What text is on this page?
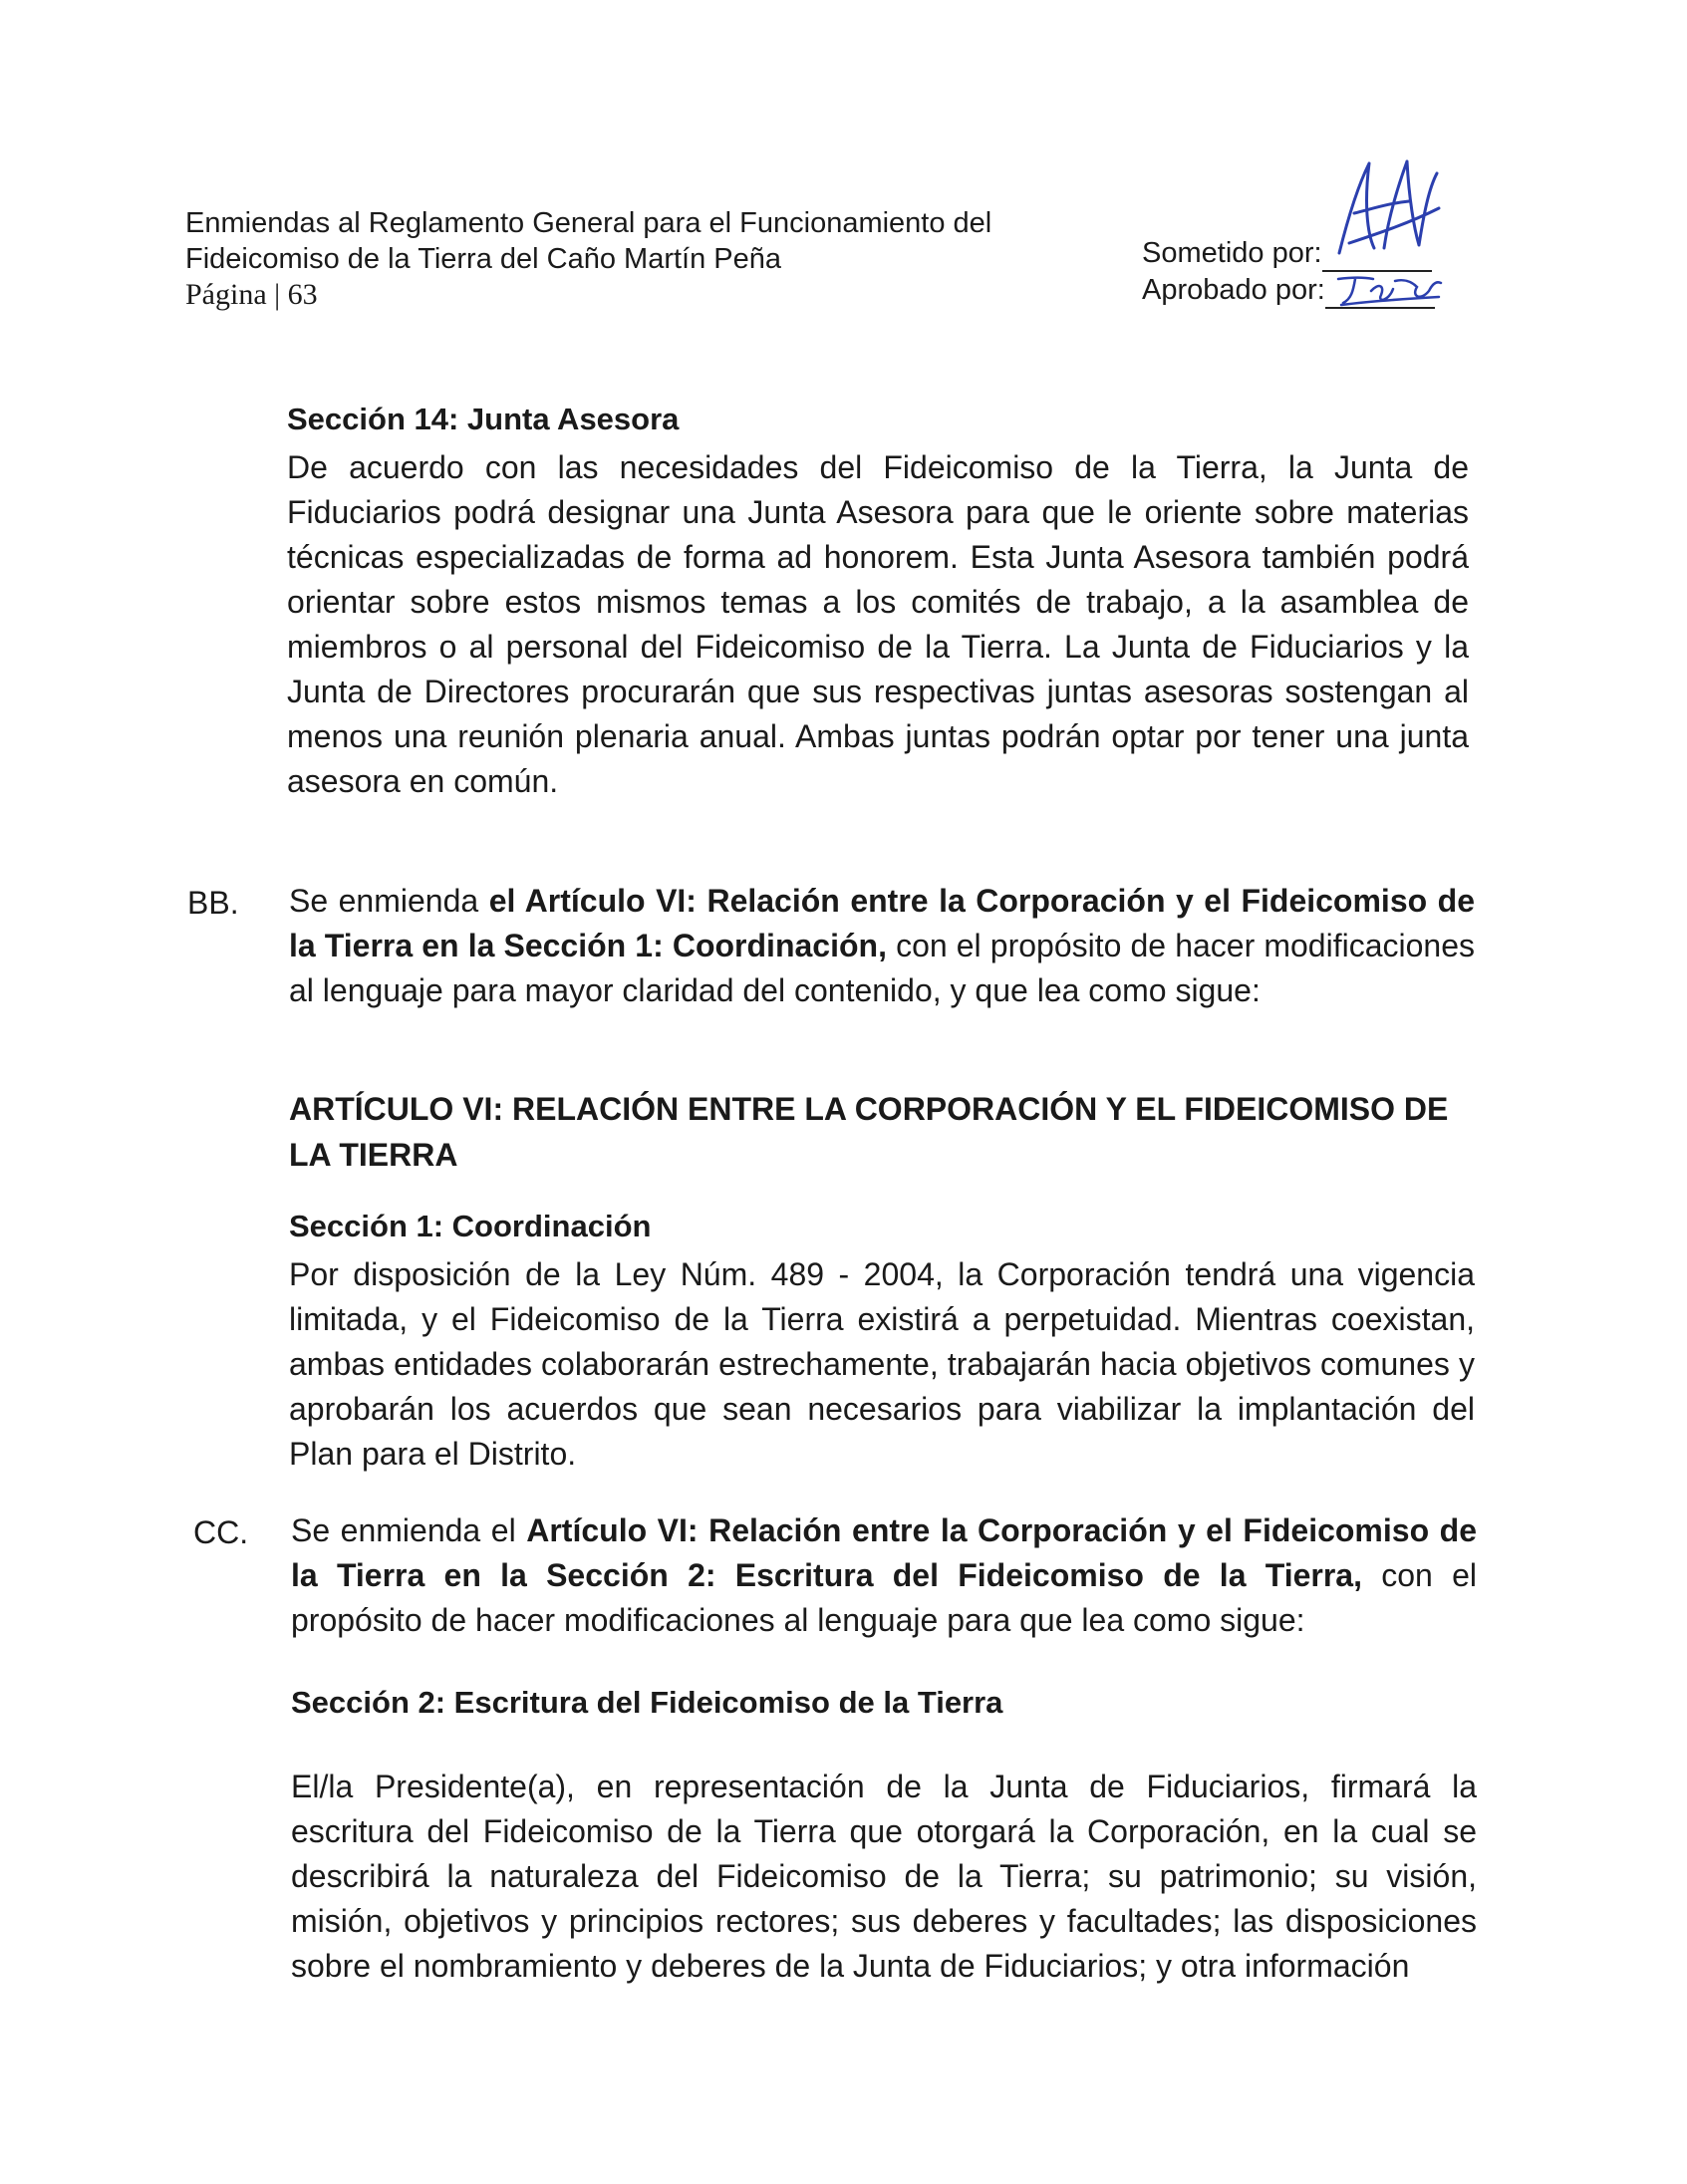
Enmiendas al Reglamento General para el Funcionamiento del
Fideicomiso de la Tierra del Caño Martín Peña
Página | 63
Sometido por:
Aprobado por:

Sección 14: Junta Asesora

De acuerdo con las necesidades del Fideicomiso de la Tierra, la Junta de Fiduciarios podrá designar una Junta Asesora para que le oriente sobre materias técnicas especializadas de forma ad honorem. Esta Junta Asesora también podrá orientar sobre estos mismos temas a los comités de trabajo, a la asamblea de miembros o al personal del Fideicomiso de la Tierra. La Junta de Fiduciarios y la Junta de Directores procurarán que sus respectivas juntas asesoras sostengan al menos una reunión plenaria anual. Ambas juntas podrán optar por tener una junta asesora en común.

BB. Se enmienda el Artículo VI: Relación entre la Corporación y el Fideicomiso de la Tierra en la Sección 1: Coordinación, con el propósito de hacer modificaciones al lenguaje para mayor claridad del contenido, y que lea como sigue:

ARTÍCULO VI: RELACIÓN ENTRE LA CORPORACIÓN Y EL FIDEICOMISO DE LA TIERRA

Sección 1: Coordinación

Por disposición de la Ley Núm. 489 - 2004, la Corporación tendrá una vigencia limitada, y el Fideicomiso de la Tierra existirá a perpetuidad. Mientras coexistan, ambas entidades colaborarán estrechamente, trabajarán hacia objetivos comunes y aprobarán los acuerdos que sean necesarios para viabilizar la implantación del Plan para el Distrito.

CC. Se enmienda el Artículo VI: Relación entre la Corporación y el Fideicomiso de la Tierra en la Sección 2: Escritura del Fideicomiso de la Tierra, con el propósito de hacer modificaciones al lenguaje para que lea como sigue:

Sección 2: Escritura del Fideicomiso de la Tierra

El/la Presidente(a), en representación de la Junta de Fiduciarios, firmará la escritura del Fideicomiso de la Tierra que otorgará la Corporación, en la cual se describirá la naturaleza del Fideicomiso de la Tierra; su patrimonio; su visión, misión, objetivos y principios rectores; sus deberes y facultades; las disposiciones sobre el nombramiento y deberes de la Junta de Fiduciarios; y otra información
